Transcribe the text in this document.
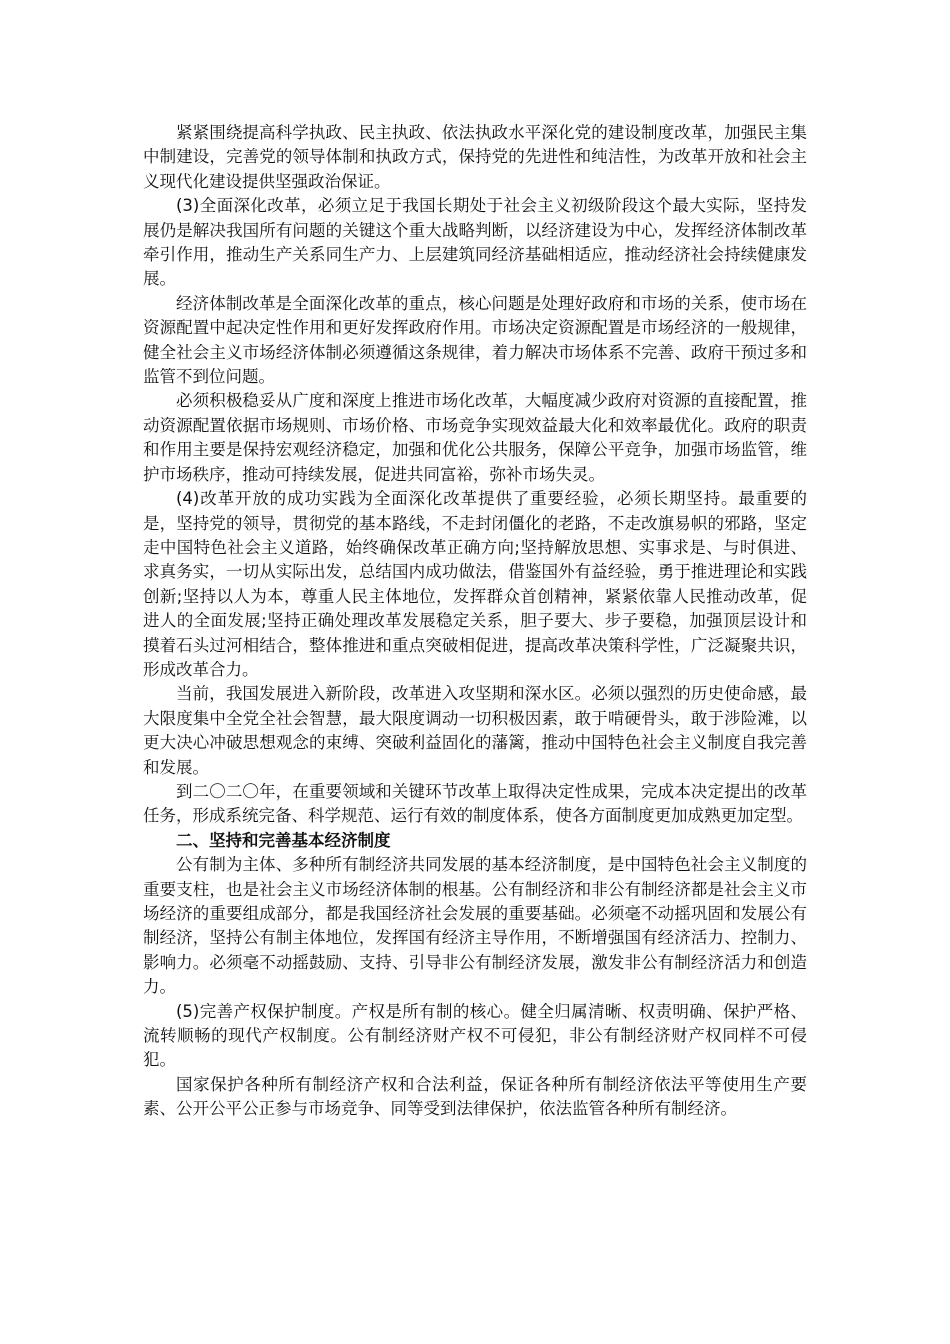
紧紧围绕提高科学执政、民主执政、依法执政水平深化党的建设制度改革，加强民主集中制建设，完善党的领导体制和执政方式，保持党的先进性和纯洁性，为改革开放和社会主义现代化建设提供坚强政治保证。

(3)全面深化改革，必须立足于我国长期处于社会主义初级阶段这个最大实际，坚持发展仍是解决我国所有问题的关键这个重大战略判断，以经济建设为中心，发挥经济体制改革牵引作用，推动生产关系同生产力、上层建筑同经济基础相适应，推动经济社会持续健康发展。

经济体制改革是全面深化改革的重点，核心问题是处理好政府和市场的关系，使市场在资源配置中起决定性作用和更好发挥政府作用。市场决定资源配置是市场经济的一般规律，健全社会主义市场经济体制必须遵循这条规律，着力解决市场体系不完善、政府干预过多和监管不到位问题。

必须积极稳妥从广度和深度上推进市场化改革，大幅度减少政府对资源的直接配置，推动资源配置依据市场规则、市场价格、市场竞争实现效益最大化和效率最优化。政府的职责和作用主要是保持宏观经济稳定，加强和优化公共服务，保障公平竞争，加强市场监管，维护市场秩序，推动可持续发展，促进共同富裕，弥补市场失灵。

(4)改革开放的成功实践为全面深化改革提供了重要经验，必须长期坚持。最重要的是，坚持党的领导，贯彻党的基本路线，不走封闭僵化的老路，不走改旗易帜的邪路，坚定走中国特色社会主义道路，始终确保改革正确方向;坚持解放思想、实事求是、与时俱进、求真务实，一切从实际出发，总结国内成功做法，借鉴国外有益经验，勇于推进理论和实践创新;坚持以人为本，尊重人民主体地位，发挥群众首创精神，紧紧依靠人民推动改革，促进人的全面发展;坚持正确处理改革发展稳定关系，胆子要大、步子要稳，加强顶层设计和摸着石头过河相结合，整体推进和重点突破相促进，提高改革决策科学性，广泛凝聚共识，形成改革合力。

当前，我国发展进入新阶段，改革进入攻坚期和深水区。必须以强烈的历史使命感，最大限度集中全党全社会智慧，最大限度调动一切积极因素，敢于啃硬骨头，敢于涉险滩，以更大决心冲破思想观念的束缚、突破利益固化的藩篱，推动中国特色社会主义制度自我完善和发展。

到二〇二〇年，在重要领域和关键环节改革上取得决定性成果，完成本决定提出的改革任务，形成系统完备、科学规范、运行有效的制度体系，使各方面制度更加成熟更加定型。

二、坚持和完善基本经济制度

公有制为主体、多种所有制经济共同发展的基本经济制度，是中国特色社会主义制度的重要支柱，也是社会主义市场经济体制的根基。公有制经济和非公有制经济都是社会主义市场经济的重要组成部分，都是我国经济社会发展的重要基础。必须毫不动摇巩固和发展公有制经济，坚持公有制主体地位，发挥国有经济主导作用，不断增强国有经济活力、控制力、影响力。必须毫不动摇鼓励、支持、引导非公有制经济发展，激发非公有制经济活力和创造力。

(5)完善产权保护制度。产权是所有制的核心。健全归属清晰、权责明确、保护严格、流转顺畅的现代产权制度。公有制经济财产权不可侵犯，非公有制经济财产权同样不可侵犯。

国家保护各种所有制经济产权和合法利益，保证各种所有制经济依法平等使用生产要素、公开公平公正参与市场竞争、同等受到法律保护，依法监管各种所有制经济。
